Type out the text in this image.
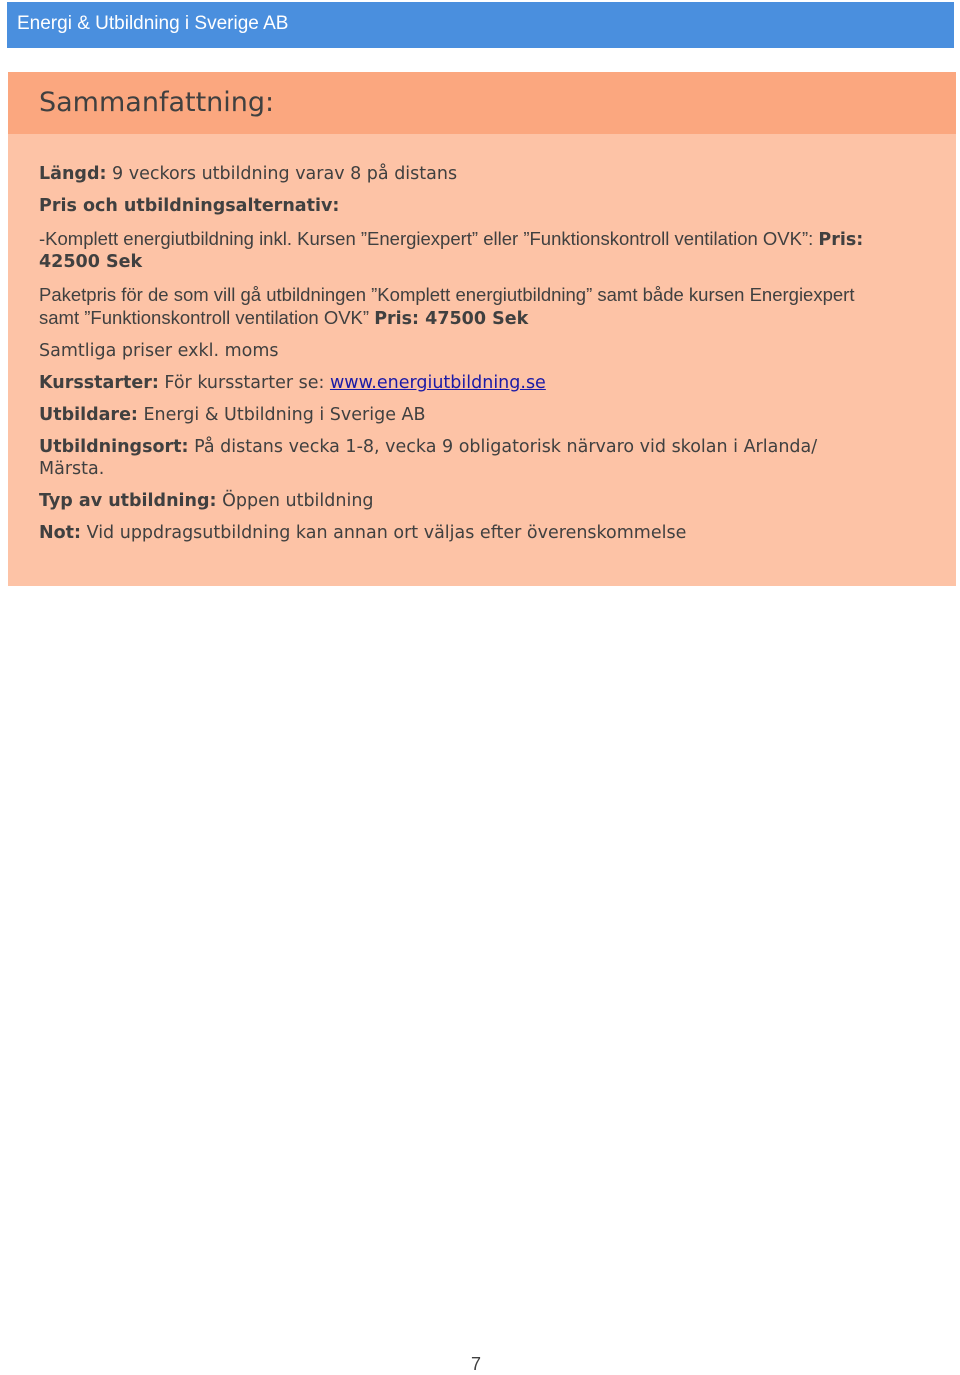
Energi & Utbildning i Sverige AB
Sammanfattning:

Längd: 9 veckors utbildning varav 8 på distans

Pris och utbildningsalternativ:

-Komplett energiutbildning inkl. Kursen ”Energiexpert” eller ”Funktionskontroll ventilation OVK”: Pris: 42500 Sek

Paketpris för de som vill gå utbildningen ”Komplett energiutbildning” samt både kursen Energiexpert samt ”Funktionskontroll ventilation OVK” Pris: 47500 Sek

Samtliga priser exkl. moms

Kursstarter: För kursstarter se: www.energiutbildning.se

Utbildare: Energi & Utbildning i Sverige AB

Utbildningsort: På distans vecka 1-8, vecka 9 obligatorisk närvaro vid skolan i Arlanda/ Märsta.

Typ av utbildning: Öppen utbildning

Not: Vid uppdragsutbildning kan annan ort väljas efter överenskommelse

7
